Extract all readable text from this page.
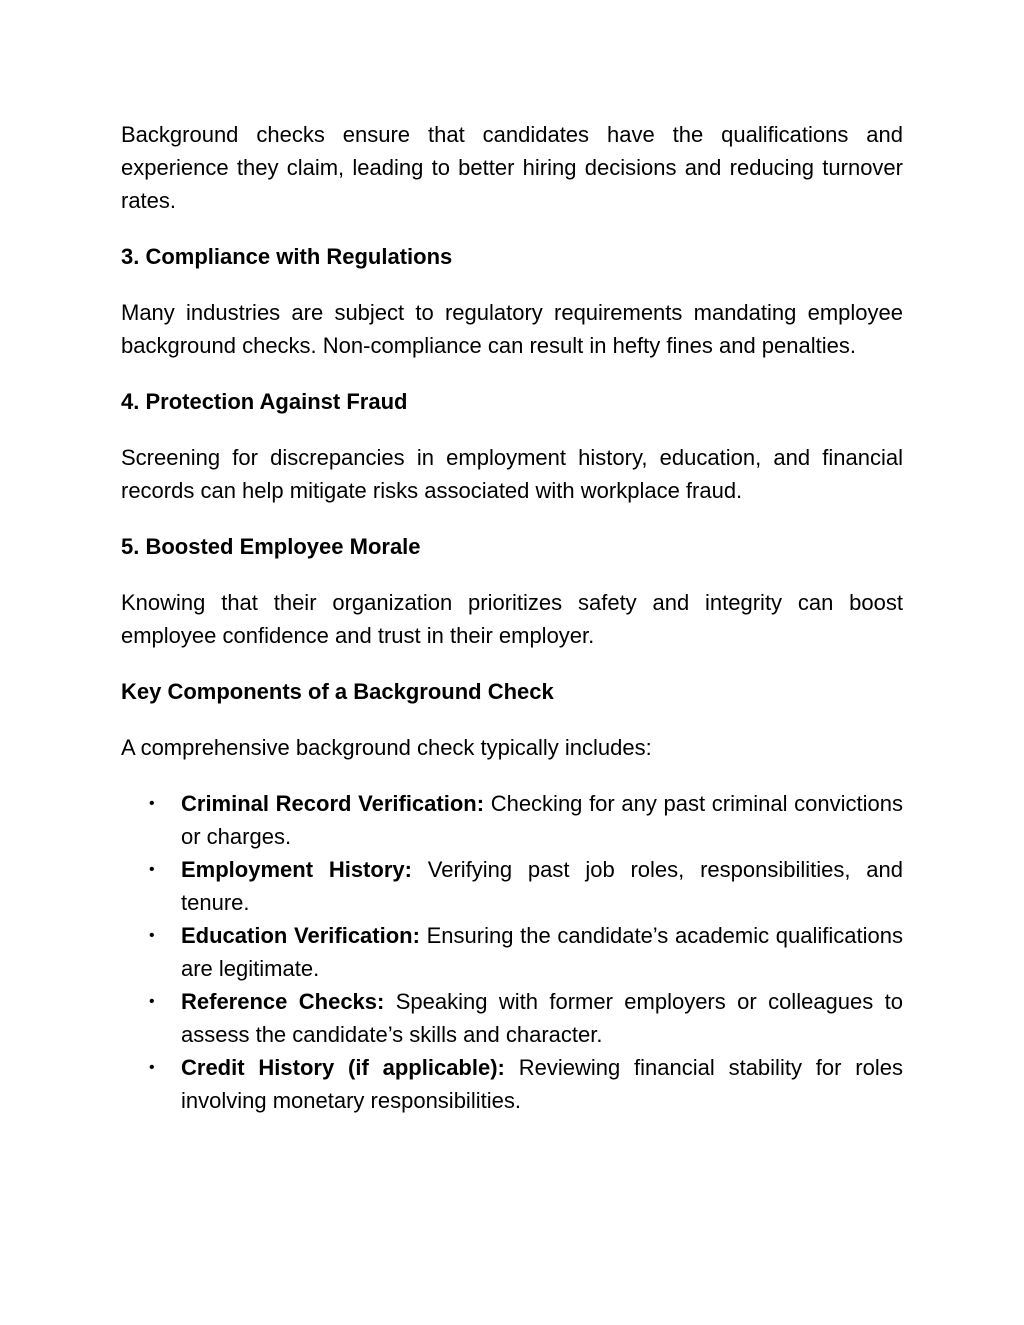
Background checks ensure that candidates have the qualifications and experience they claim, leading to better hiring decisions and reducing turnover rates.

3. Compliance with Regulations

Many industries are subject to regulatory requirements mandating employee background checks. Non-compliance can result in hefty fines and penalties.

4. Protection Against Fraud

Screening for discrepancies in employment history, education, and financial records can help mitigate risks associated with workplace fraud.

5. Boosted Employee Morale

Knowing that their organization prioritizes safety and integrity can boost employee confidence and trust in their employer.

Key Components of a Background Check

A comprehensive background check typically includes:

• Criminal Record Verification: Checking for any past criminal convictions or charges.
• Employment History: Verifying past job roles, responsibilities, and tenure.
• Education Verification: Ensuring the candidate’s academic qualifications are legitimate.
• Reference Checks: Speaking with former employers or colleagues to assess the candidate’s skills and character.
• Credit History (if applicable): Reviewing financial stability for roles involving monetary responsibilities.
